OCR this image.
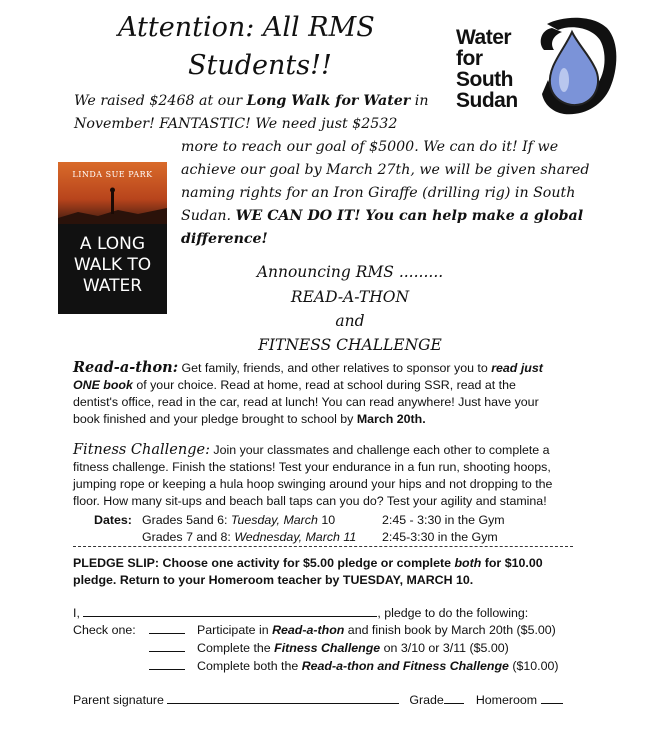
Attention: All RMS
Students!!
Water
for
South
Sudan
We raised $2468 at our Long Walk for Water in
November! FANTASTIC! We need just $2532
more to reach our goal of $5000. We can do it! If we
achieve our goal by March 27th, we will be given shared
naming rights for an Iron Giraffe (drilling rig) in South
Sudan. WE CAN DO IT! You can help make a global
difference!
LINDA SUE PARK
A LONG
WALK TO
WATER
Announcing RMS .........
READ-A-THON
and
FITNESS CHALLENGE
Read-a-thon: Get family, friends, and other relatives to sponsor you to read just
ONE book of your choice. Read at home, read at school during SSR, read at the
dentist's office, read in the car, read at lunch! You can read anywhere! Just have your
book finished and your pledge brought to school by March 20th.
Fitness Challenge: Join your classmates and challenge each other to complete a
fitness challenge. Finish the stations! Test your endurance in a fun run, shooting hoops,
jumping rope or keeping a hula hoop swinging around your hips and not dropping to the
floor. How many sit-ups and beach ball taps can you do? Test your agility and stamina!
Dates:	Grades 5and 6: Tuesday, March 10	2:45 - 3:30 in the Gym
	Grades 7 and 8: Wednesday, March 11	2:45-3:30 in the Gym
PLEDGE SLIP: Choose one activity for $5.00 pledge or complete both for $10.00
pledge. Return to your Homeroom teacher by TUESDAY, MARCH 10.
I,	, pledge to do the following:
Check one:	Participate in Read-a-thon and finish book by March 20th ($5.00)
Complete the Fitness Challenge on 3/10 or 3/11 ($5.00)
Complete both the Read-a-thon and Fitness Challenge ($10.00)
Parent signature	Grade	Homeroom
